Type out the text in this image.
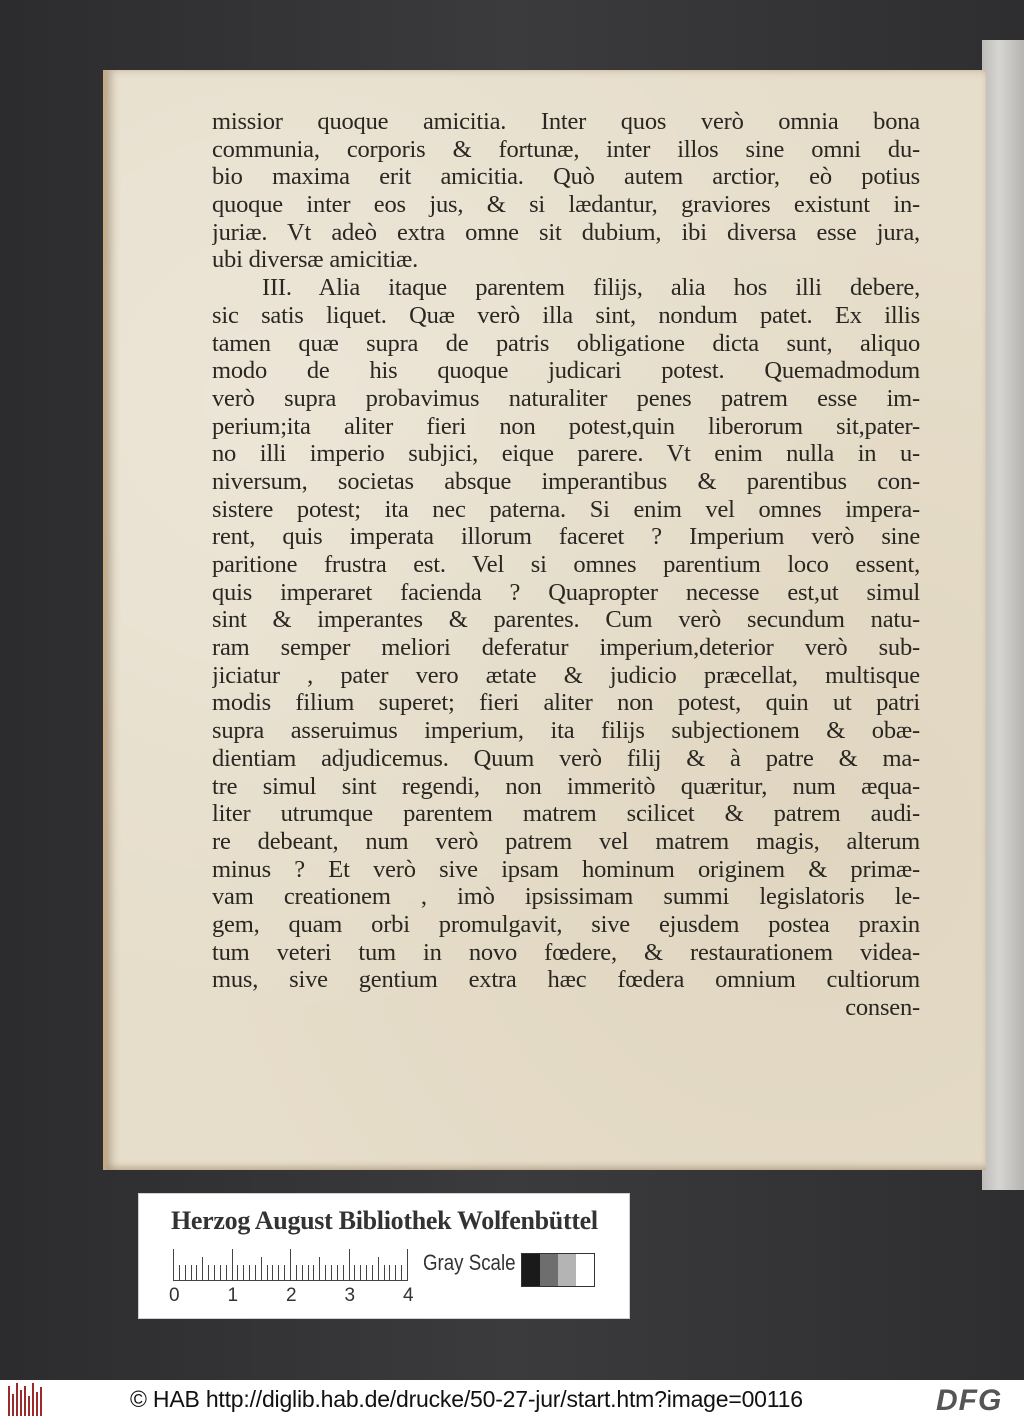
missior quoque amicitia. Inter quos verò omnia bona
communia, corporis & fortunæ, inter illos sine omni du-
bio maxima erit amicitia. Quò autem arctior, eò potius
quoque inter eos jus, & si lædantur, graviores existunt in-
juriæ. Vt adeò extra omne sit dubium, ibi diversa esse jura,
ubi diversæ amicitiæ.
III. Alia itaque parentem filijs, alia hos illi debere,
sic satis liquet. Quæ verò illa sint, nondum patet. Ex illis
tamen quæ supra de patris obligatione dicta sunt, aliquo
modo de his quoque judicari potest. Quemadmodum
verò supra probavimus naturaliter penes patrem esse im-
perium;ita aliter fieri non potest,quin liberorum sit,pater-
no illi imperio subjici, eique parere. Vt enim nulla in u-
niversum, societas absque imperantibus & parentibus con-
sistere potest; ita nec paterna. Si enim vel omnes impera-
rent, quis imperata illorum faceret ? Imperium verò sine
paritione frustra est. Vel si omnes parentium loco essent,
quis imperaret facienda ? Quapropter necesse est,ut simul
sint & imperantes & parentes. Cum verò secundum natu-
ram semper meliori deferatur imperium,deterior verò sub-
jiciatur , pater vero ætate & judicio præcellat, multisque
modis filium superet; fieri aliter non potest, quin ut patri
supra asseruimus imperium, ita filijs subjectionem & obæ-
dientiam adjudicemus. Quum verò filij & à patre & ma-
tre simul sint regendi, non immeritò quæritur, num æqua-
liter utrumque parentem matrem scilicet & patrem audi-
re debeant, num verò patrem vel matrem magis, alterum
minus ? Et verò sive ipsam hominum originem & primæ-
vam creationem , imò ipsissimam summi legislatoris le-
gem, quam orbi promulgavit, sive ejusdem postea praxin
tum veteri tum in novo fœdere, & restaurationem videa-
mus, sive gentium extra hæc fœdera omnium cultiorum
consen-
Herzog August Bibliothek Wolfenbüttel
0	1	2	3	4
Gray Scale
© HAB http://diglib.hab.de/drucke/50-27-jur/start.htm?image=00116	DFG
